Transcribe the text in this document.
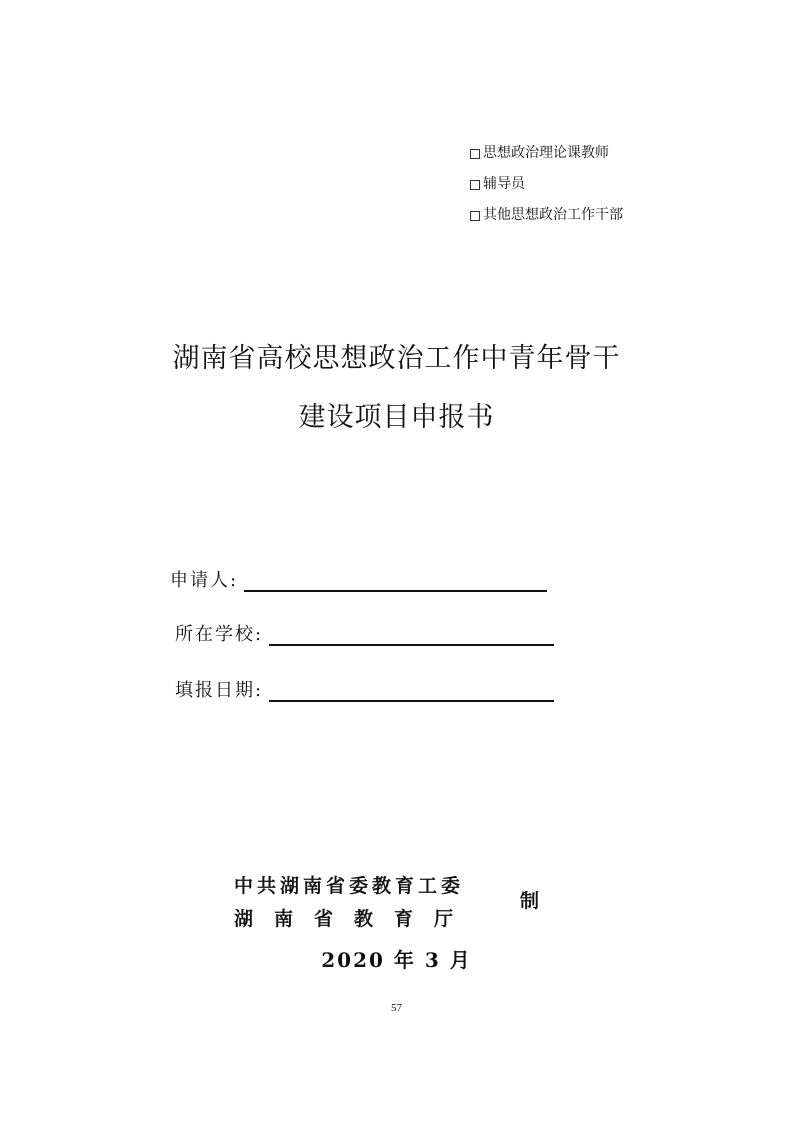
思想政治理论课教师
辅导员
其他思想政治工作干部
湖南省高校思想政治工作中青年骨干
建设项目申报书
申请人:
所在学校:
填报日期:
中共湖南省委教育工委
湖南省教育厅
制
2020 年 3 月
57
